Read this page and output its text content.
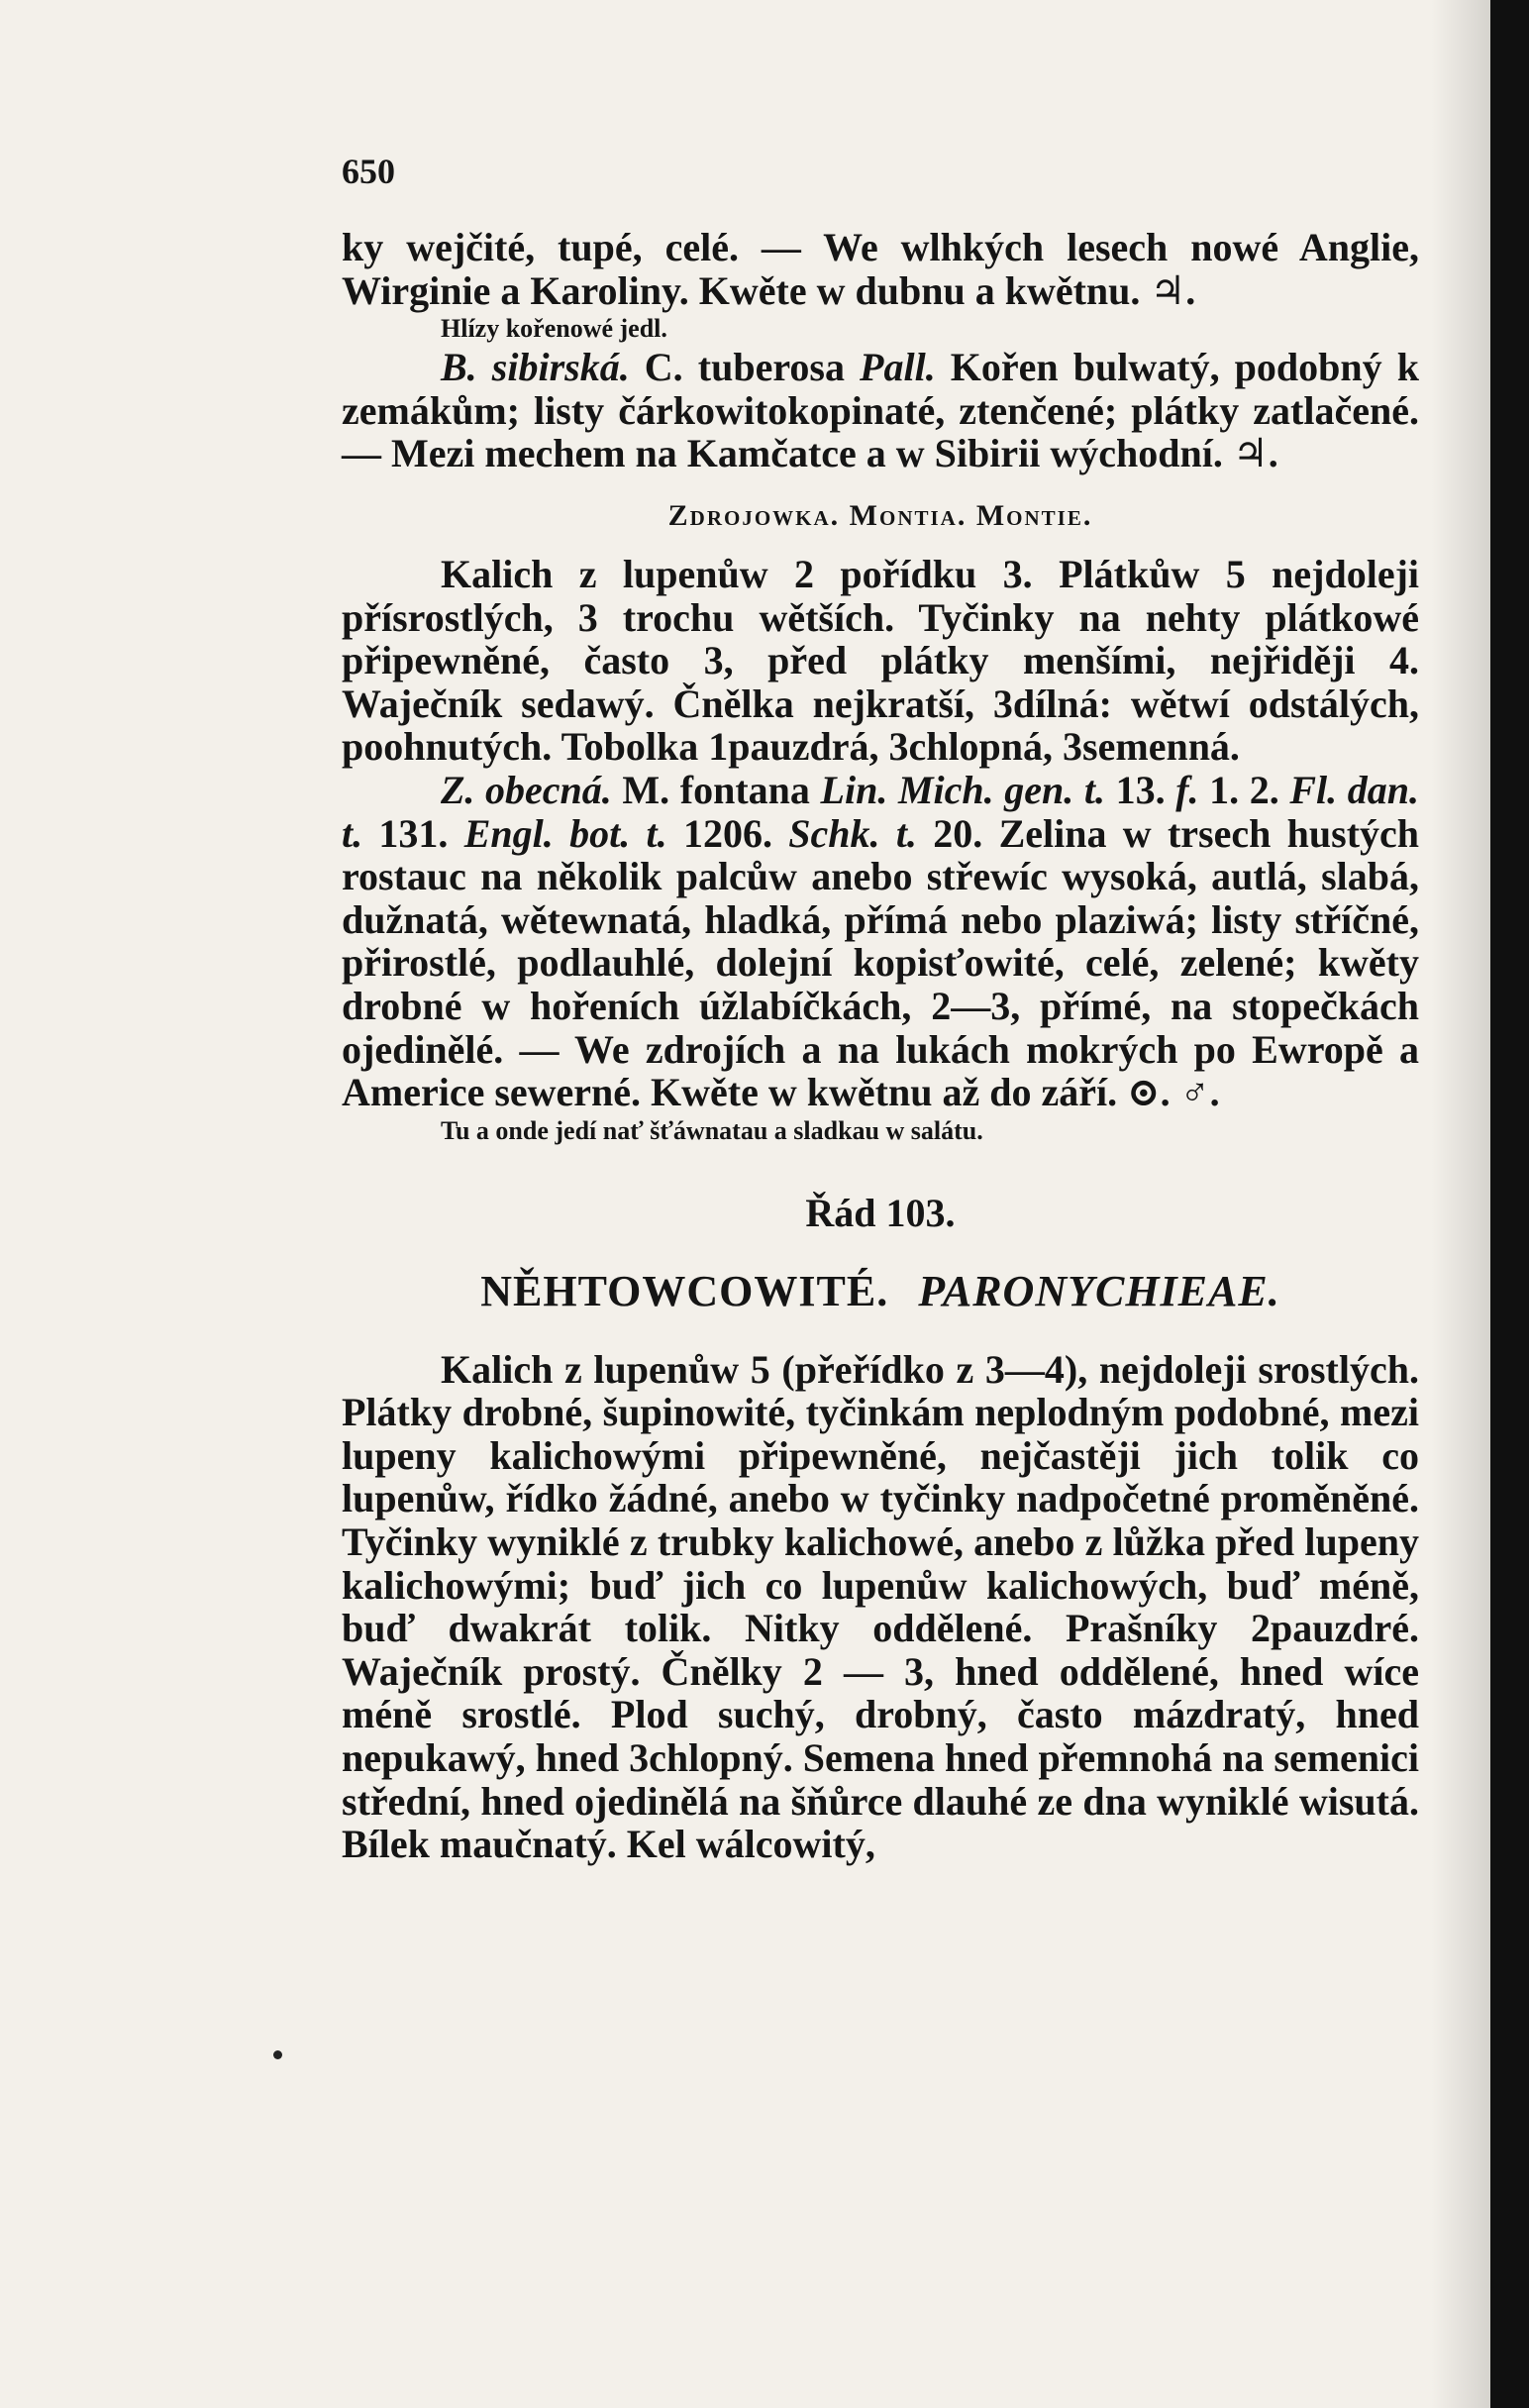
650

ky wejčité, tupé, celé. — We wlhkých lesech nowé Anglie, Wirginie a Karoliny. Kwěte w dubnu a kwětnu. ♃.

Hlízy kořenowé jedl.

B. sibirská. C. tuberosa Pall. Kořen bulwatý, podobný k zemákům; listy čárkowitokopinaté, ztenčené; plátky zatlačené. — Mezi mechem na Kamčatce a w Sibirii wýchodní. ♃.

Zdrojowka. Montia. Montie.

Kalich z lupenůw 2 pořídku 3. Plátkůw 5 nejdoleji přísrostlých, 3 trochu wětších. Tyčinky na nehty plátkowé připewněné, často 3, před plátky menšími, nejřiději 4. Waječník sedawý. Čnělka nejkratší, 3dílná: wětwí odstálých, poohnutých. Tobolka 1pauzdrá, 3chlopná, 3semenná.

Z. obecná. M. fontana Lin. Mich. gen. t. 13. f. 1. 2. Fl. dan. t. 131. Engl. bot. t. 1206. Schk. t. 20. Zelina w trsech hustých rostauc na několik palcůw anebo střewíc wysoká, autlá, slabá, dužnatá, wětewnatá, hladká, přímá nebo plaziwá; listy stříčné, přirostlé, podlauhlé, dolejní kopisťowité, celé, zelené; kwěty drobné w hořeních úžlabíčkách, 2—3, přímé, na stopečkách ojedinělé. — We zdrojích a na lukách mokrých po Ewropě a Americe sewerné. Kwěte w kwětnu až do září. ⊙. ♂.

Tu a onde jedí nať šťáwnatau a sladkau w salátu.

Řád 103.
NĚHTOWCOWITÉ. PARONYCHIEAE.

Kalich z lupenůw 5 (přeřídko z 3—4), nejdoleji srostlých. Plátky drobné, šupinowité, tyčinkám neplodným podobné, mezi lupeny kalichowými připewněné, nejčastěji jich tolik co lupenůw, řídko žádné, anebo w tyčinky nadpočetné proměněné. Tyčinky wyniklé z trubky kalichowé, anebo z lůžka před lupeny kalichowými; buď jich co lupenůw kalichowých, buď méně, buď dwakrát tolik. Nitky oddělené. Prašníky 2pauzdré. Waječník prostý. Čnělky 2 — 3, hned oddělené, hned wíce méně srostlé. Plod suchý, drobný, často mázdratý, hned nepukawý, hned 3chlopný. Semena hned přemnohá na semenici střední, hned ojedinělá na šňůrce dlauhé ze dna wyniklé wisutá. Bílek maučnatý. Kel wálcowitý,
